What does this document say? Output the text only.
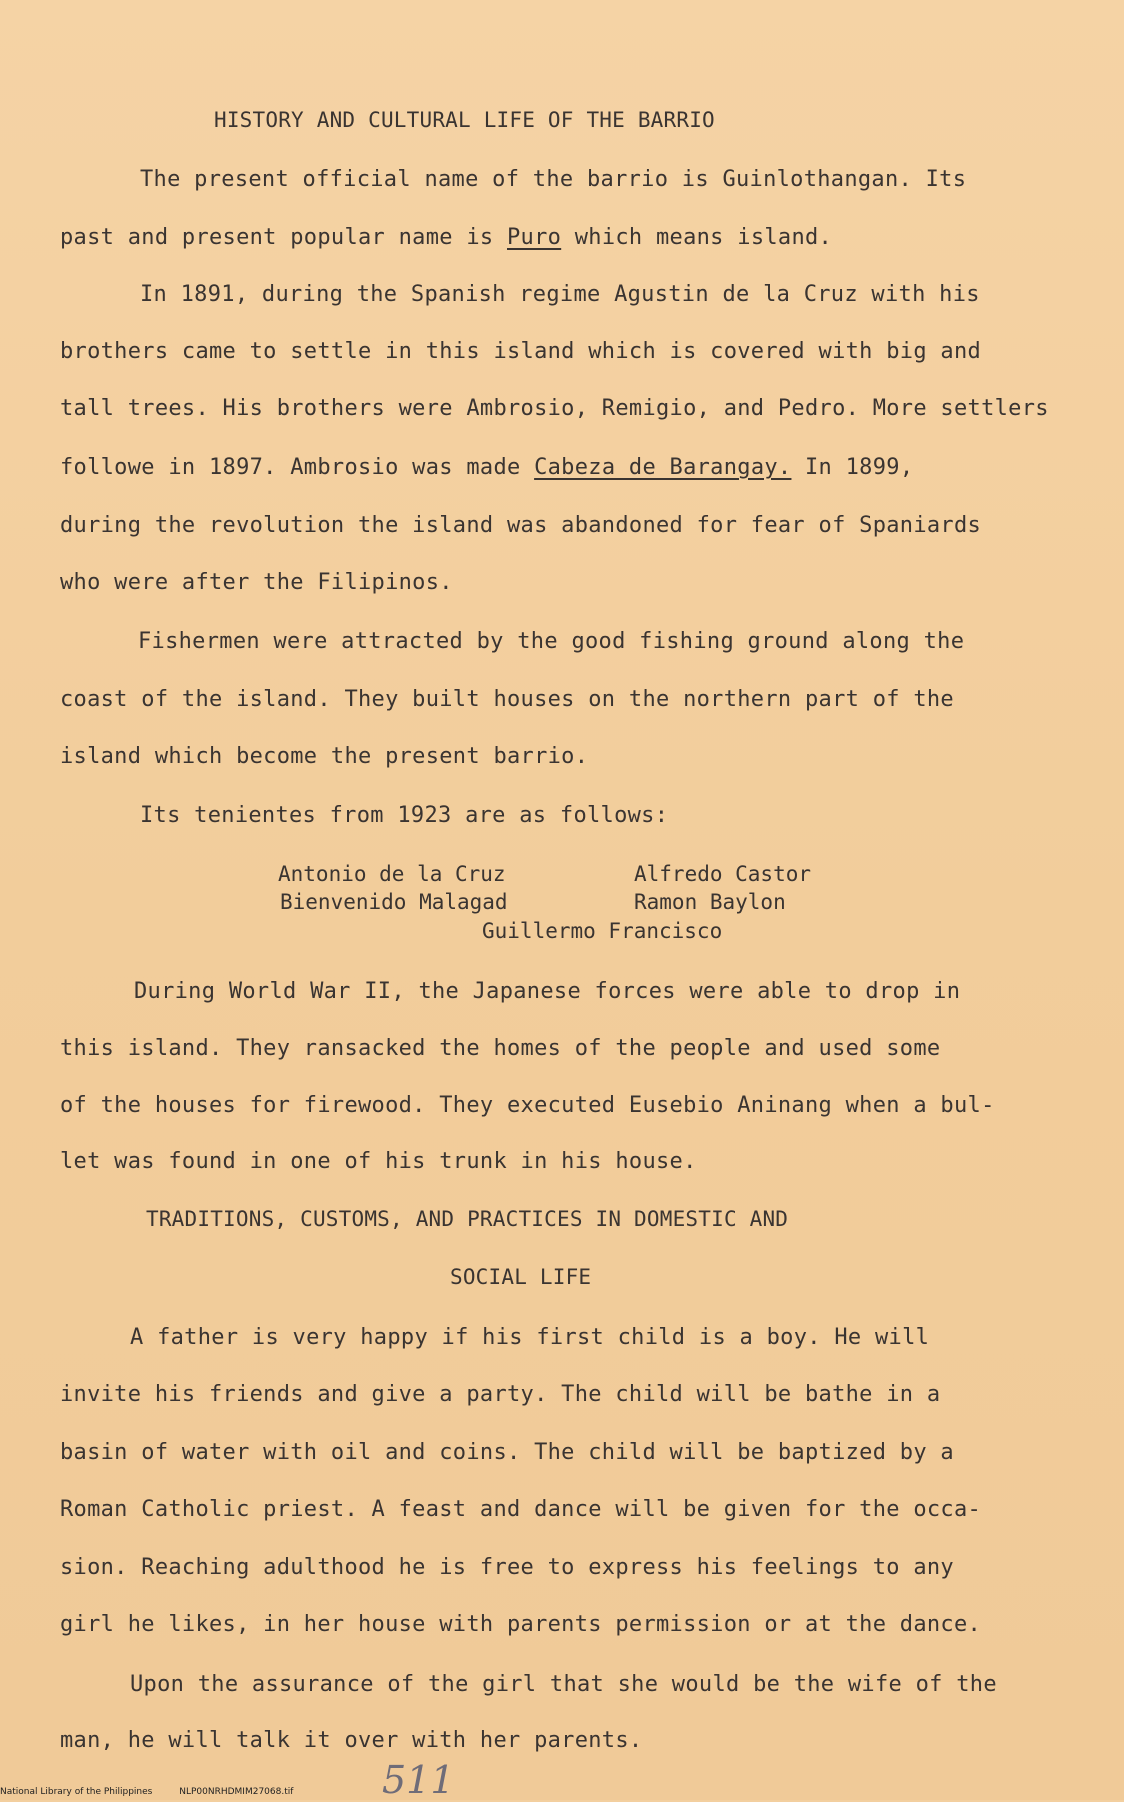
HISTORY AND CULTURAL LIFE OF THE BARRIO
The present official name of the barrio is Guinlothangan. Its
past and present popular name is Puro which means island.
In 1891, during the Spanish regime Agustin de la Cruz with his
brothers came to settle in this island which is covered with big and
tall trees. His brothers were Ambrosio, Remigio, and Pedro. More settlers
followe in 1897. Ambrosio was made Cabeza de Barangay. In 1899,
during the revolution the island was abandoned for fear of Spaniards
who were after the Filipinos.
Fishermen were attracted by the good fishing ground along the
coast of the island. They built houses on the northern part of the
island which become the present barrio.
Its tenientes from 1923 are as follows:
Antonio de la Cruz	Alfredo Castor
Bienvenido Malagad	Ramon Baylon
Guillermo Francisco
During World War II, the Japanese forces were able to drop in
this island. They ransacked the homes of the people and used some
of the houses for firewood. They executed Eusebio Aninang when a bul-
let was found in one of his trunk in his house.
TRADITIONS, CUSTOMS, AND PRACTICES IN DOMESTIC AND
SOCIAL LIFE
A father is very happy if his first child is a boy. He will
invite his friends and give a party. The child will be bathe in a
basin of water with oil and coins. The child will be baptized by a
Roman Catholic priest. A feast and dance will be given for the occa-
sion. Reaching adulthood he is free to express his feelings to any
girl he likes, in her house with parents permission or at the dance.
Upon the assurance of the girl that she would be the wife of the
man, he will talk it over with her parents.
511
National Library of the Philippines	NLP00NRHDMIM27068.tif
